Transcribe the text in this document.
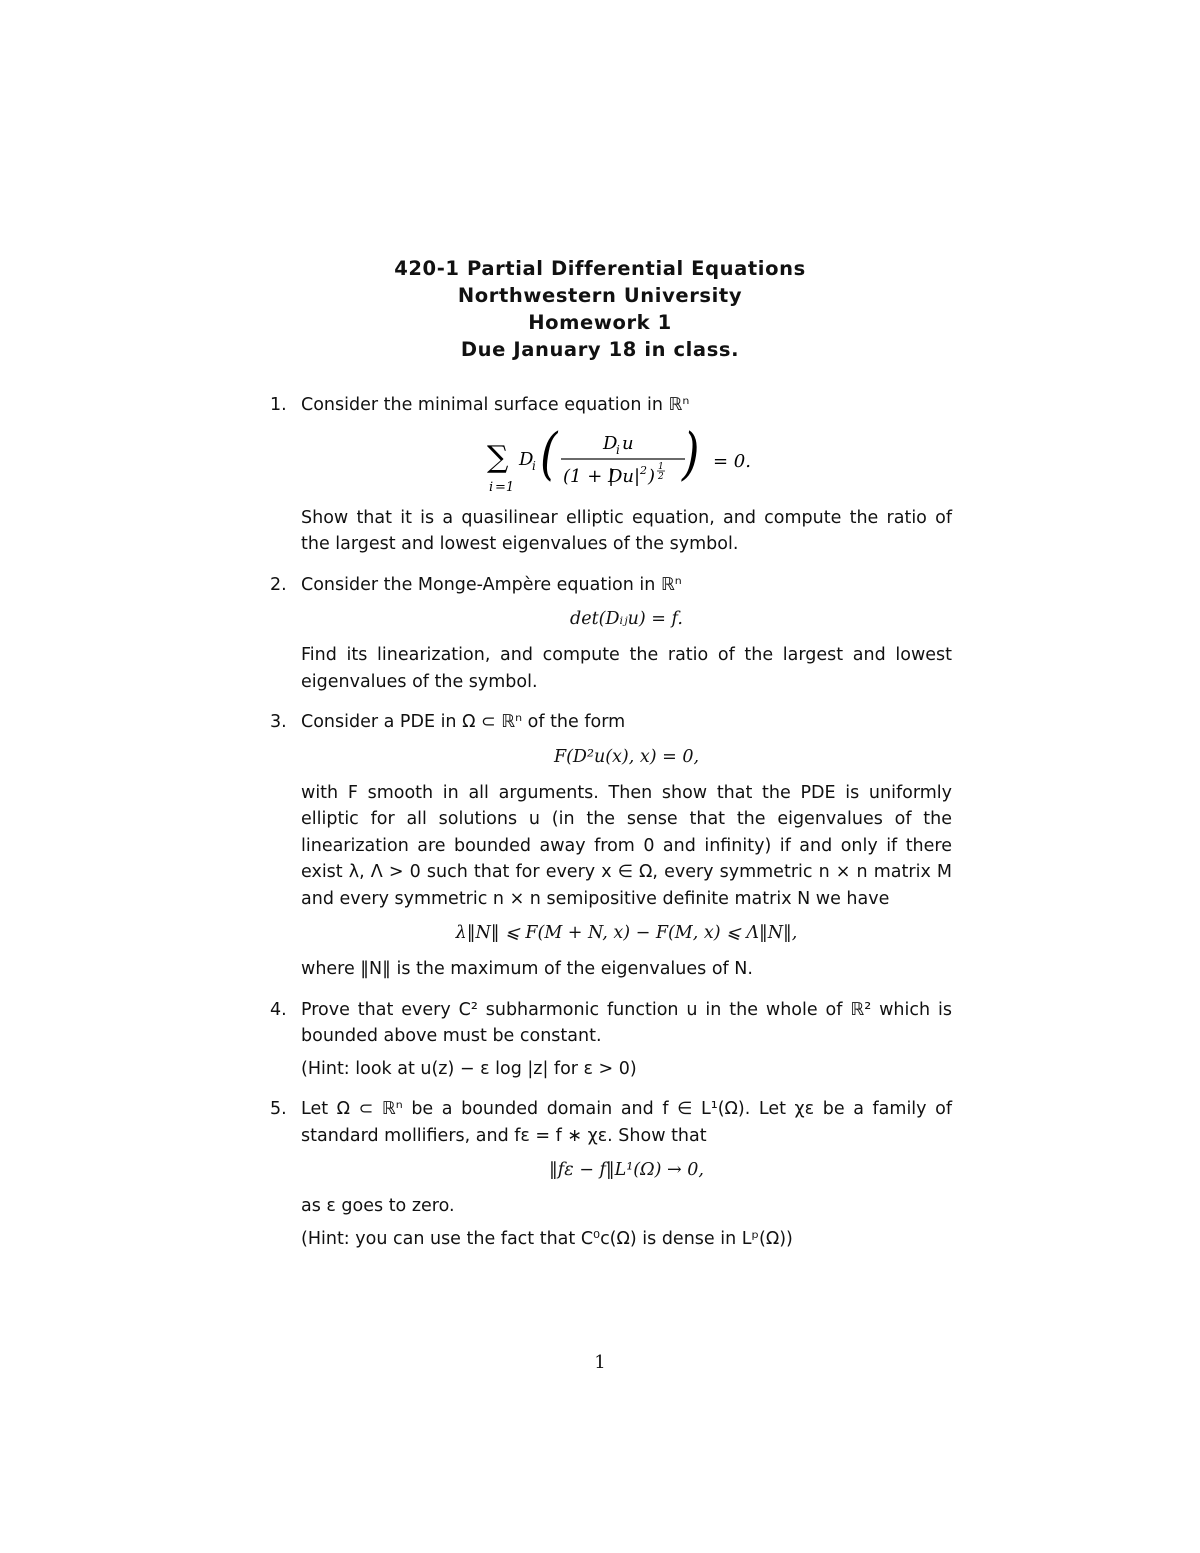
420-1 Partial Differential Equations
Northwestern University
Homework 1
Due January 18 in class.
1. Consider the minimal surface equation in ℝⁿ

∑
i =1
D
i (	D
i u
(1 + |
Du | 2 ) 1
2 ) = 0.

Show that it is a quasilinear elliptic equation, and compute the ratio of the largest and lowest eigenvalues of the symbol.

2. Consider the Monge-Ampère equation in ℝⁿ

det(Dᵢⱼu) = f.

Find its linearization, and compute the ratio of the largest and lowest eigenvalues of the symbol.

3. Consider a PDE in Ω ⊂ ℝⁿ of the form

F(D²u(x), x) = 0,

with F smooth in all arguments. Then show that the PDE is uniformly elliptic for all solutions u (in the sense that the eigenvalues of the linearization are bounded away from 0 and infinity) if and only if there exist λ, Λ > 0 such that for every x ∈ Ω, every symmetric n × n matrix M and every symmetric n × n semipositive definite matrix N we have

λ‖N‖ ⩽ F(M + N, x) − F(M, x) ⩽ Λ‖N‖,

where ‖N‖ is the maximum of the eigenvalues of N.

4. Prove that every C² subharmonic function u in the whole of ℝ² which is bounded above must be constant.

(Hint: look at u(z) − ε log |z| for ε > 0)

5. Let Ω ⊂ ℝⁿ be a bounded domain and f ∈ L¹(Ω). Let χε be a family of standard mollifiers, and fε = f ∗ χε. Show that

‖fε − f‖L¹(Ω) → 0,

as ε goes to zero.

(Hint: you can use the fact that C⁰c(Ω) is dense in Lᵖ(Ω))

1
